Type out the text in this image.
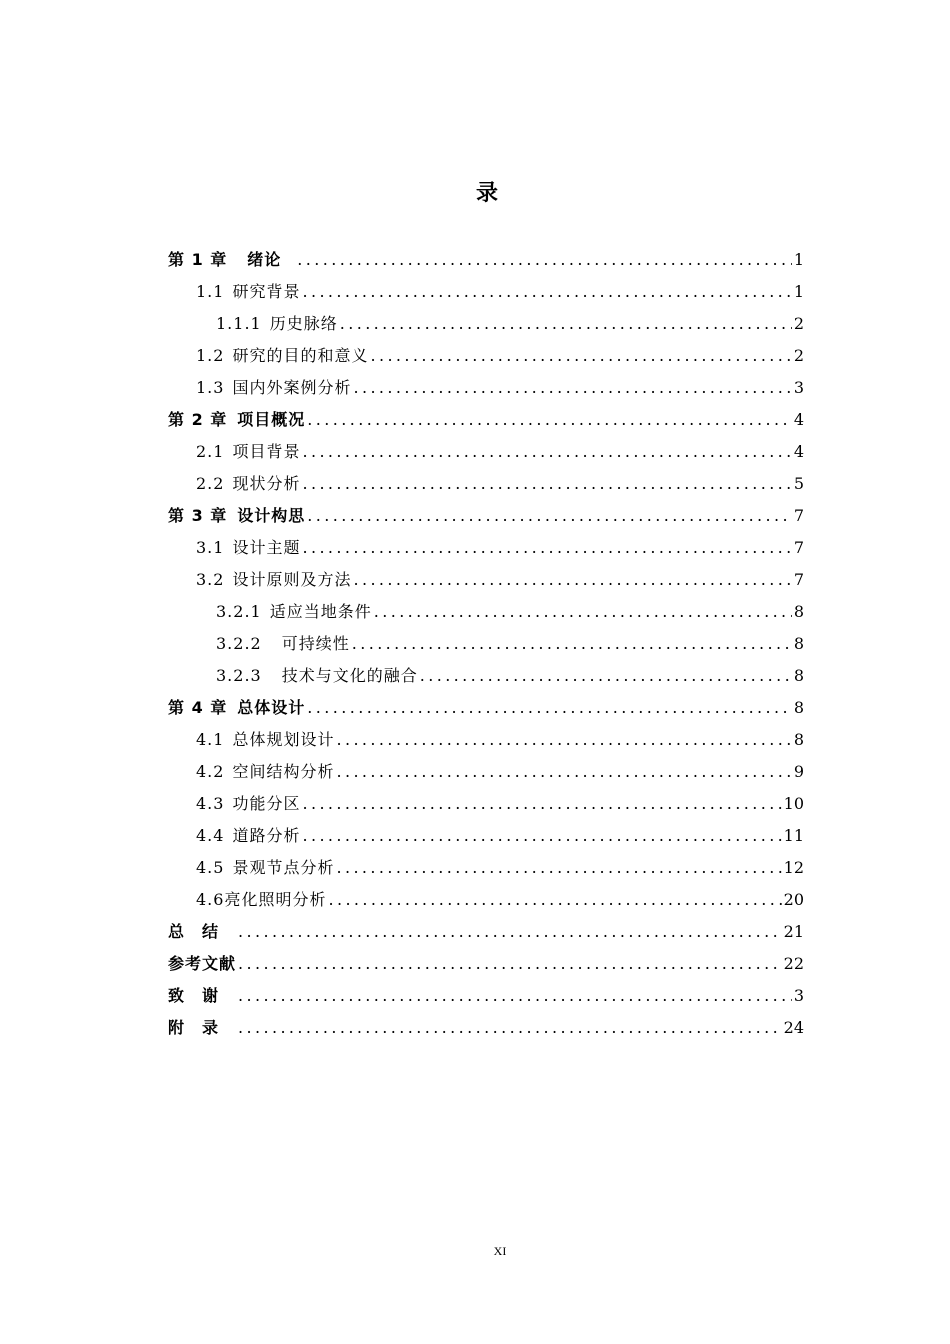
录
第 1 章 绪论 .....	1
1.1 研究背景 .....	1
1.1.1 历史脉络 .....	2
1.2 研究的目的和意义 .....	2
1.3 国内外案例分析 .....	3
第 2 章 项目概况 .....	4
2.1 项目背景 .....	4
2.2 现状分析 .....	5
第 3 章 设计构思 .....	7
3.1 设计主题 .....	7
3.2 设计原则及方法 .....	7
3.2.1 适应当地条件 .....	8
3.2.2 可持续性 .....	8
3.2.3 技术与文化的融合 .....	8
第 4 章 总体设计 .....	8
4.1 总体规划设计 .....	8
4.2 空间结构分析 .....	9
4.3 功能分区 .....	10
4.4 道路分析 .....	11
4.5 景观节点分析 .....	12
4.6亮化照明分析 .....	20
总结 .....	21
参考文献 .....	22
致谢 .....	3
附录 .....	24
XI
